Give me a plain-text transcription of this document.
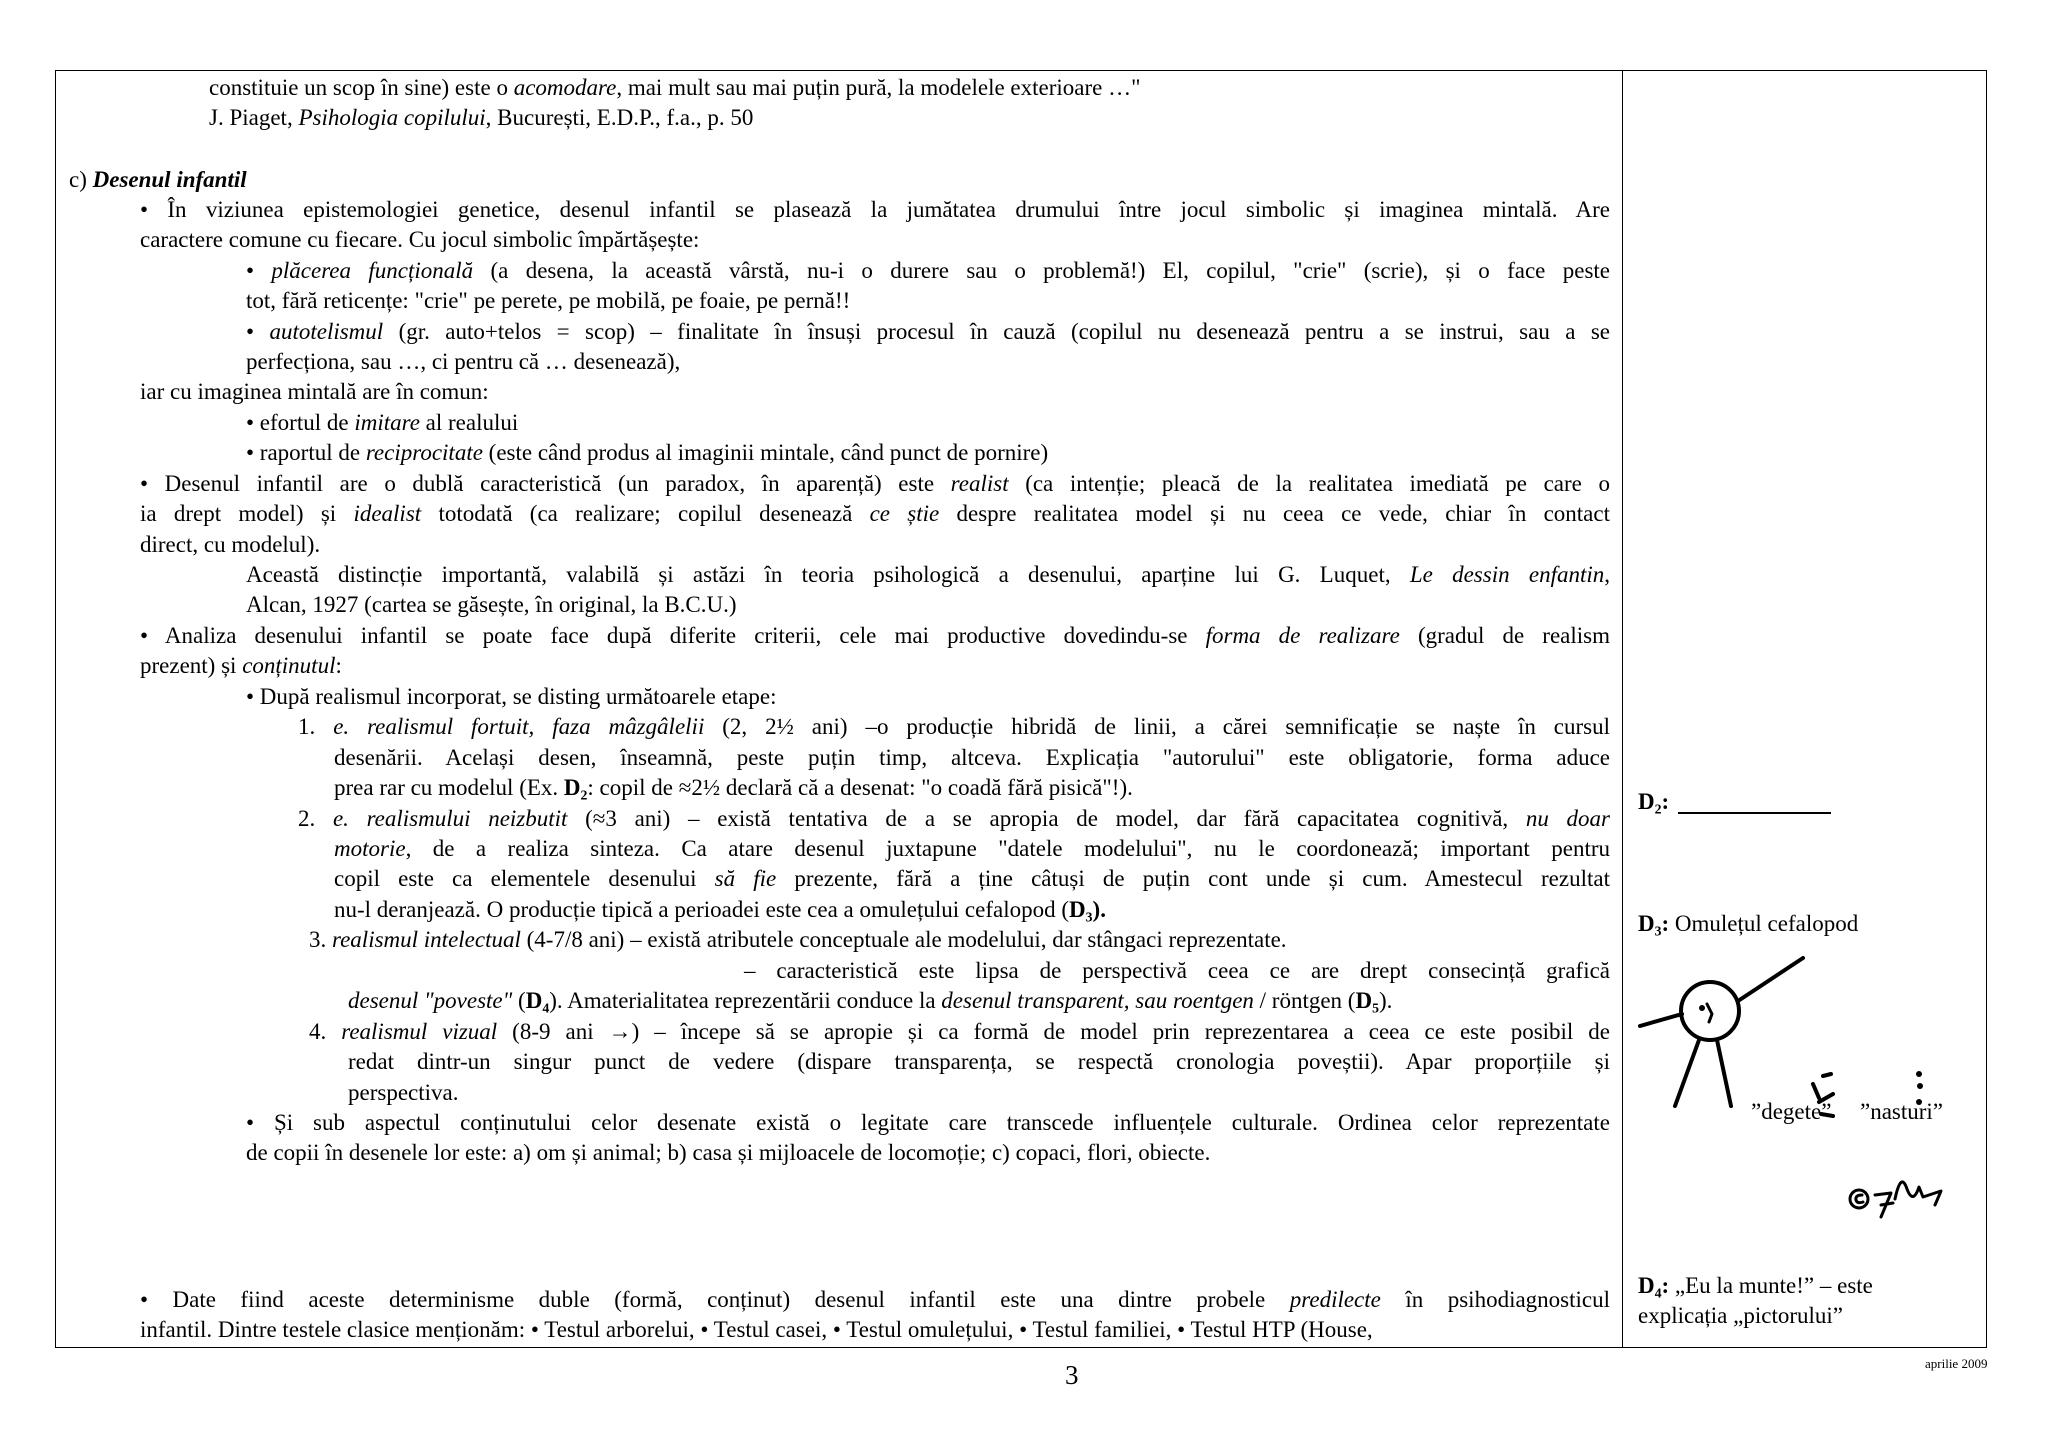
constituie un scop în sine) este o acomodare, mai mult sau mai puțin pură, la modelele exterioare …"
J. Piaget, Psihologia copilului, București, E.D.P., f.a., p. 50
c) Desenul infantil
• În viziunea epistemologiei genetice, desenul infantil se plasează la jumătatea drumului între jocul simbolic și imaginea mintală. Are
caractere comune cu fiecare. Cu jocul simbolic împărtășește:
• plăcerea funcțională (a desena, la această vârstă, nu-i o durere sau o problemă!) El, copilul, "crie" (scrie), și o face peste
tot, fără reticențe: "crie" pe perete, pe mobilă, pe foaie, pe pernă!!
• autotelismul (gr. auto+telos = scop) – finalitate în însuși procesul în cauză (copilul nu desenează pentru a se instrui, sau a se
perfecționa, sau …, ci pentru că … desenează),
iar cu imaginea mintală are în comun:
• efortul de imitare al realului
• raportul de reciprocitate (este când produs al imaginii mintale, când punct de pornire)
• Desenul infantil are o dublă caracteristică (un paradox, în aparență) este realist (ca intenție; pleacă de la realitatea imediată pe care o
ia drept model) și idealist totodată (ca realizare; copilul desenează ce știe despre realitatea model și nu ceea ce vede, chiar în contact
direct, cu modelul).
Această distincție importantă, valabilă și astăzi în teoria psihologică a desenului, aparține lui G. Luquet, Le dessin enfantin,
Alcan, 1927 (cartea se găsește, în original, la B.C.U.)
• Analiza desenului infantil se poate face după diferite criterii, cele mai productive dovedindu-se forma de realizare (gradul de realism
prezent) și conținutul:
• După realismul incorporat, se disting următoarele etape:
1. e. realismul fortuit, faza mâzgâlelii (2, 2½ ani) –o producție hibridă de linii, a cărei semnificație se naște în cursul
desenării. Același desen, înseamnă, peste puțin timp, altceva. Explicația "autorului" este obligatorie, forma aduce
prea rar cu modelul (Ex. D₂: copil de ≈2½ declară că a desenat: "o coadă fără pisică"!).
2. e. realismului neizbutit (≈3 ani) – există tentativa de a se apropia de model, dar fără capacitatea cognitivă, nu doar
motorie, de a realiza sinteza. Ca atare desenul juxtapune "datele modelului", nu le coordonează; important pentru
copil este ca elementele desenului să fie prezente, fără a ține câtuși de puțin cont unde și cum. Amestecul rezultat
nu-l deranjează. O producție tipică a perioadei este cea a omulețului cefalopod (D₃).
3. realismul intelectual (4-7/8 ani) – există atributele conceptuale ale modelului, dar stângaci reprezentate.
– caracteristică este lipsa de perspectivă ceea ce are drept consecință grafică
desenul "poveste" (D₄). Amaterialitatea reprezentării conduce la desenul transparent, sau roentgen / röntgen (D₅).
4. realismul vizual (8-9 ani →) – începe să se apropie și ca formă de model prin reprezentarea a ceea ce este posibil de
redat dintr-un singur punct de vedere (dispare transparența, se respectă cronologia poveștii). Apar proporțiile și
perspectiva.
• Și sub aspectul conținutului celor desenate există o legitate care transcede influențele culturale. Ordinea celor reprezentate
de copii în desenele lor este: a) om și animal; b) casa și mijloacele de locomoție; c) copaci, flori, obiecte.
• Date fiind aceste determinisme duble (formă, conținut) desenul infantil este una dintre probele predilecte în psihodiagnosticul
infantil. Dintre testele clasice menționăm: • Testul arborelui, • Testul casei, • Testul omulețului, • Testul familiei, • Testul HTP (House,
D₂:
D₃: Omulețul cefalopod
”degete” ”nasturi”
D₄: „Eu la munte!” – este
explicația „pictorului”
3	aprilie 2009
